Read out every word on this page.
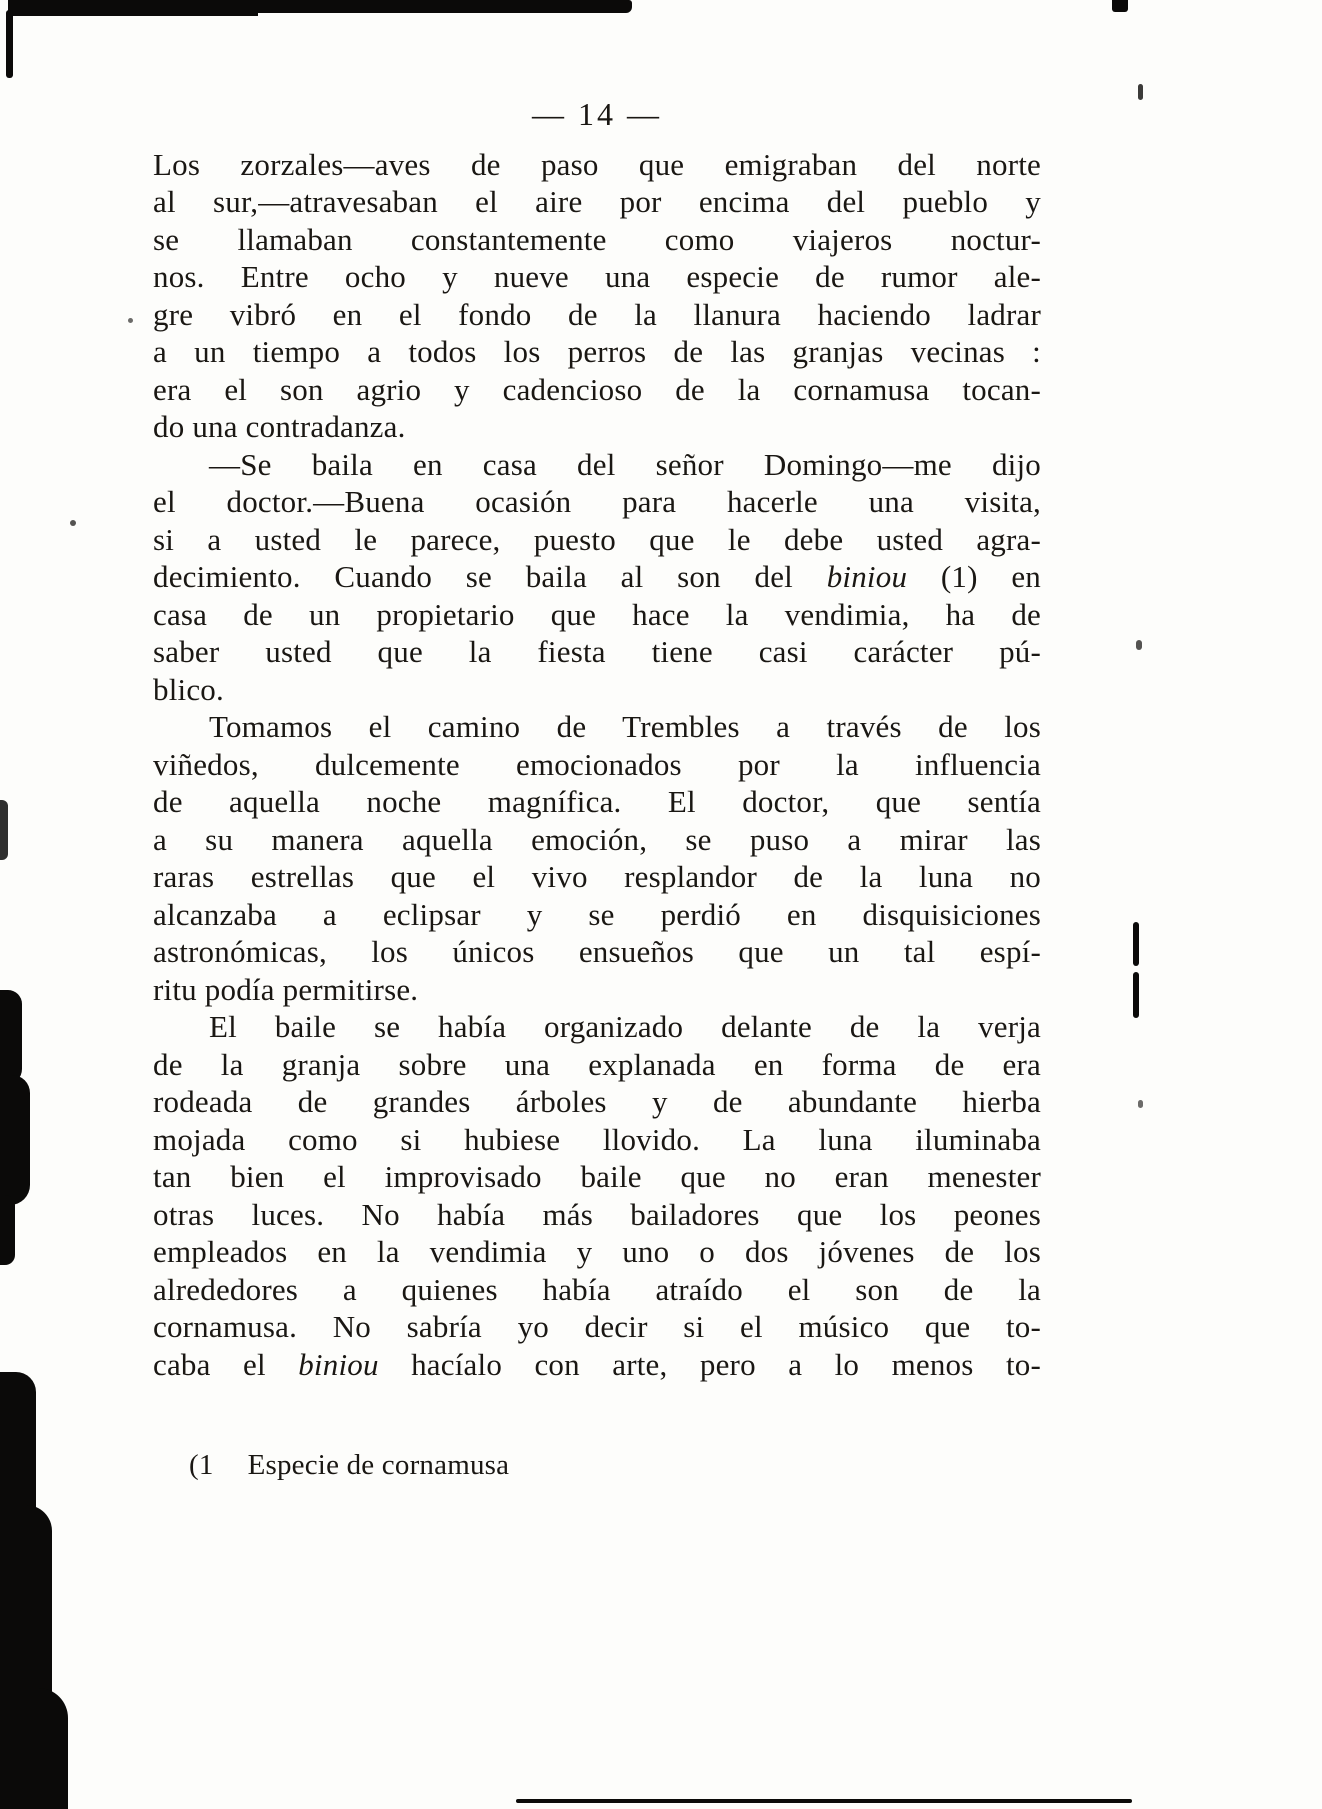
— 14 —
Los zorzales—aves de paso que emigraban del norte
al sur,—atravesaban el aire por encima del pueblo y
se llamaban constantemente como viajeros noctur-
nos. Entre ocho y nueve una especie de rumor ale-
gre vibró en el fondo de la llanura haciendo ladrar
a un tiempo a todos los perros de las granjas vecinas :
era el son agrio y cadencioso de la cornamusa tocan-
do una contradanza.
—Se baila en casa del señor Domingo—me dijo
el doctor.—Buena ocasión para hacerle una visita,
si a usted le parece, puesto que le debe usted agra-
decimiento. Cuando se baila al son del biniou (1) en
casa de un propietario que hace la vendimia, ha de
saber usted que la fiesta tiene casi carácter pú-
blico.
Tomamos el camino de Trembles a través de los
viñedos, dulcemente emocionados por la influencia
de aquella noche magnífica. El doctor, que sentía
a su manera aquella emoción, se puso a mirar las
raras estrellas que el vivo resplandor de la luna no
alcanzaba a eclipsar y se perdió en disquisiciones
astronómicas, los únicos ensueños que un tal espí-
ritu podía permitirse.
El baile se había organizado delante de la verja
de la granja sobre una explanada en forma de era
rodeada de grandes árboles y de abundante hierba
mojada como si hubiese llovido. La luna iluminaba
tan bien el improvisado baile que no eran menester
otras luces. No había más bailadores que los peones
empleados en la vendimia y uno o dos jóvenes de los
alrededores a quienes había atraído el son de la
cornamusa. No sabría yo decir si el músico que to-
caba el biniou hacíalo con arte, pero a lo menos to-
(1 Especie de cornamusa
